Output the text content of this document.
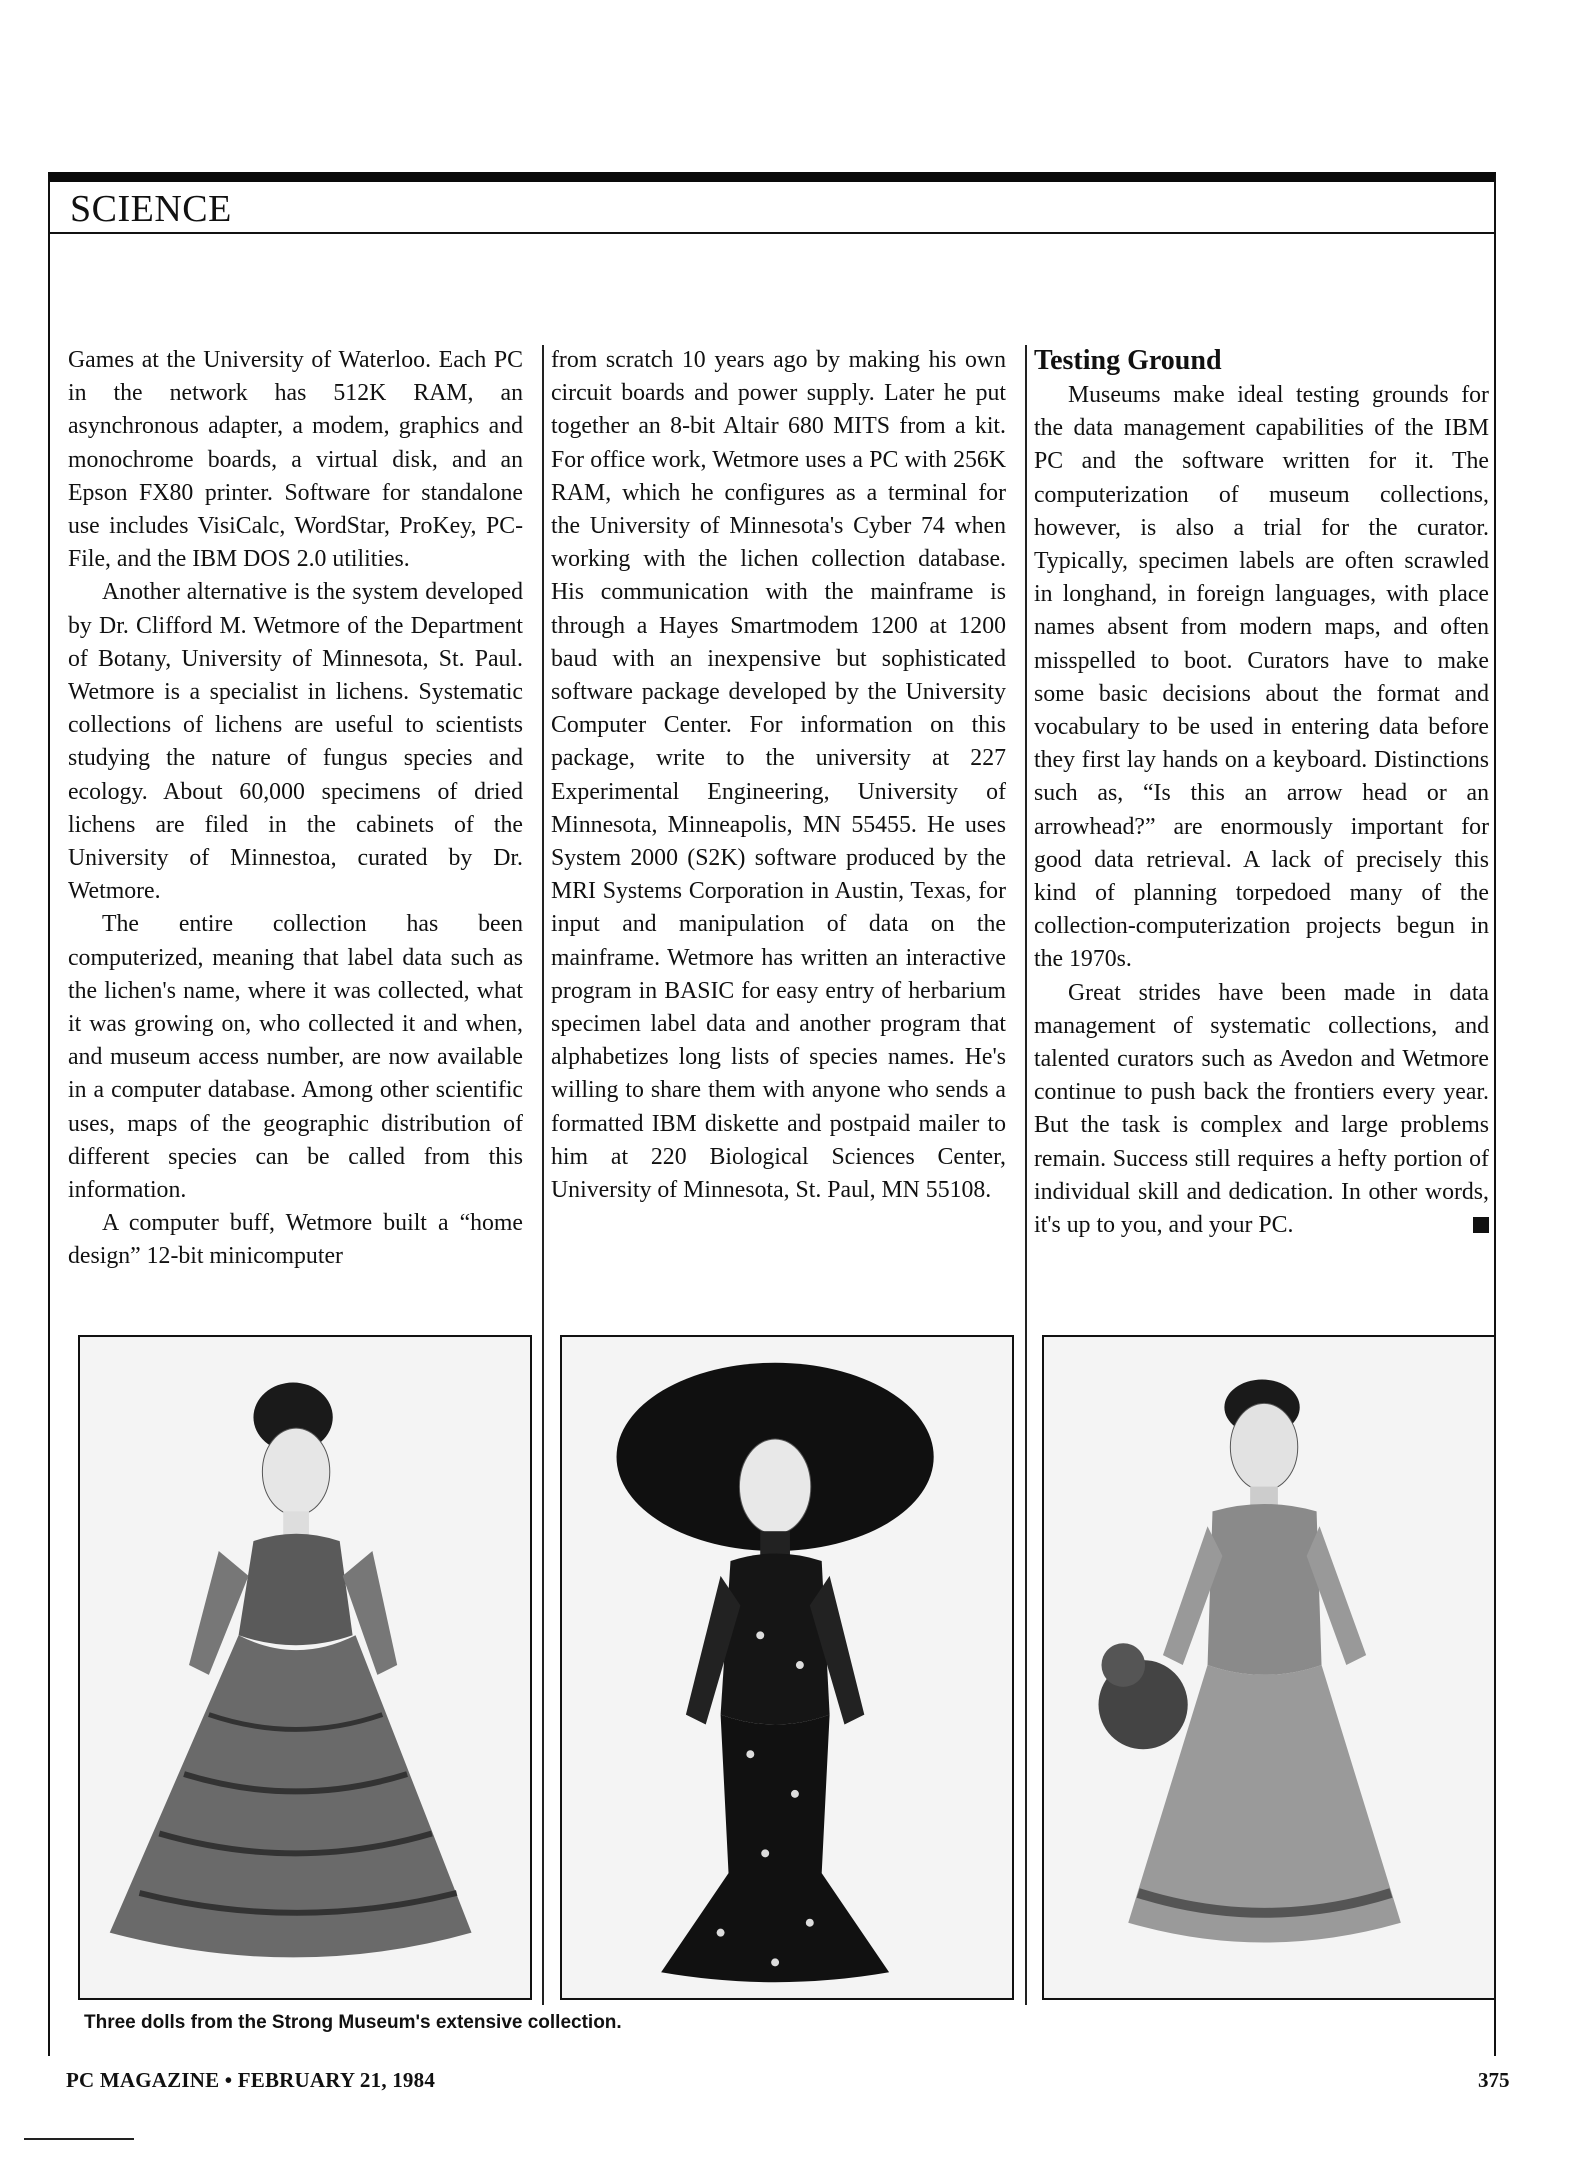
SCIENCE

Games at the University of Waterloo. Each PC in the network has 512K RAM, an asynchronous adapter, a modem, graphics and monochrome boards, a virtual disk, and an Epson FX80 printer. Software for standalone use includes VisiCalc, WordStar, ProKey, PC-File, and the IBM DOS 2.0 utilities.

Another alternative is the system developed by Dr. Clifford M. Wetmore of the Department of Botany, University of Minnesota, St. Paul. Wetmore is a specialist in lichens. Systematic collections of lichens are useful to scientists studying the nature of fungus species and ecology. About 60,000 specimens of dried lichens are filed in the cabinets of the University of Minnestoa, curated by Dr. Wetmore.

The entire collection has been computerized, meaning that label data such as the lichen's name, where it was collected, what it was growing on, who collected it and when, and museum access number, are now available in a computer database. Among other scientific uses, maps of the geographic distribution of different species can be called from this information.

A computer buff, Wetmore built a “home design” 12-bit minicomputer

from scratch 10 years ago by making his own circuit boards and power supply. Later he put together an 8-bit Altair 680 MITS from a kit. For office work, Wetmore uses a PC with 256K RAM, which he configures as a terminal for the University of Minnesota's Cyber 74 when working with the lichen collection database. His communication with the mainframe is through a Hayes Smartmodem 1200 at 1200 baud with an inexpensive but sophisticated software package developed by the University Computer Center. For information on this package, write to the university at 227 Experimental Engineering, University of Minnesota, Minneapolis, MN 55455. He uses System 2000 (S2K) software produced by the MRI Systems Corporation in Austin, Texas, for input and manipulation of data on the mainframe. Wetmore has written an interactive program in BASIC for easy entry of herbarium specimen label data and another program that alphabetizes long lists of species names. He's willing to share them with anyone who sends a formatted IBM diskette and postpaid mailer to him at 220 Biological Sciences Center, University of Minnesota, St. Paul, MN 55108.

Testing Ground

Museums make ideal testing grounds for the data management capabilities of the IBM PC and the software written for it. The computerization of museum collections, however, is also a trial for the curator. Typically, specimen labels are often scrawled in longhand, in foreign languages, with place names absent from modern maps, and often misspelled to boot. Curators have to make some basic decisions about the format and vocabulary to be used in entering data before they first lay hands on a keyboard. Distinctions such as, “Is this an arrow head or an arrowhead?” are enormously important for good data retrieval. A lack of precisely this kind of planning torpedoed many of the collection-computerization projects begun in the 1970s.

Great strides have been made in data management of systematic collections, and talented curators such as Avedon and Wetmore continue to push back the frontiers every year. But the task is complex and large problems remain. Success still requires a hefty portion of individual skill and dedication. In other words, it's up to you, and your PC.

Three dolls from the Strong Museum's extensive collection.
PC MAGAZINE • FEBRUARY 21, 1984	375
